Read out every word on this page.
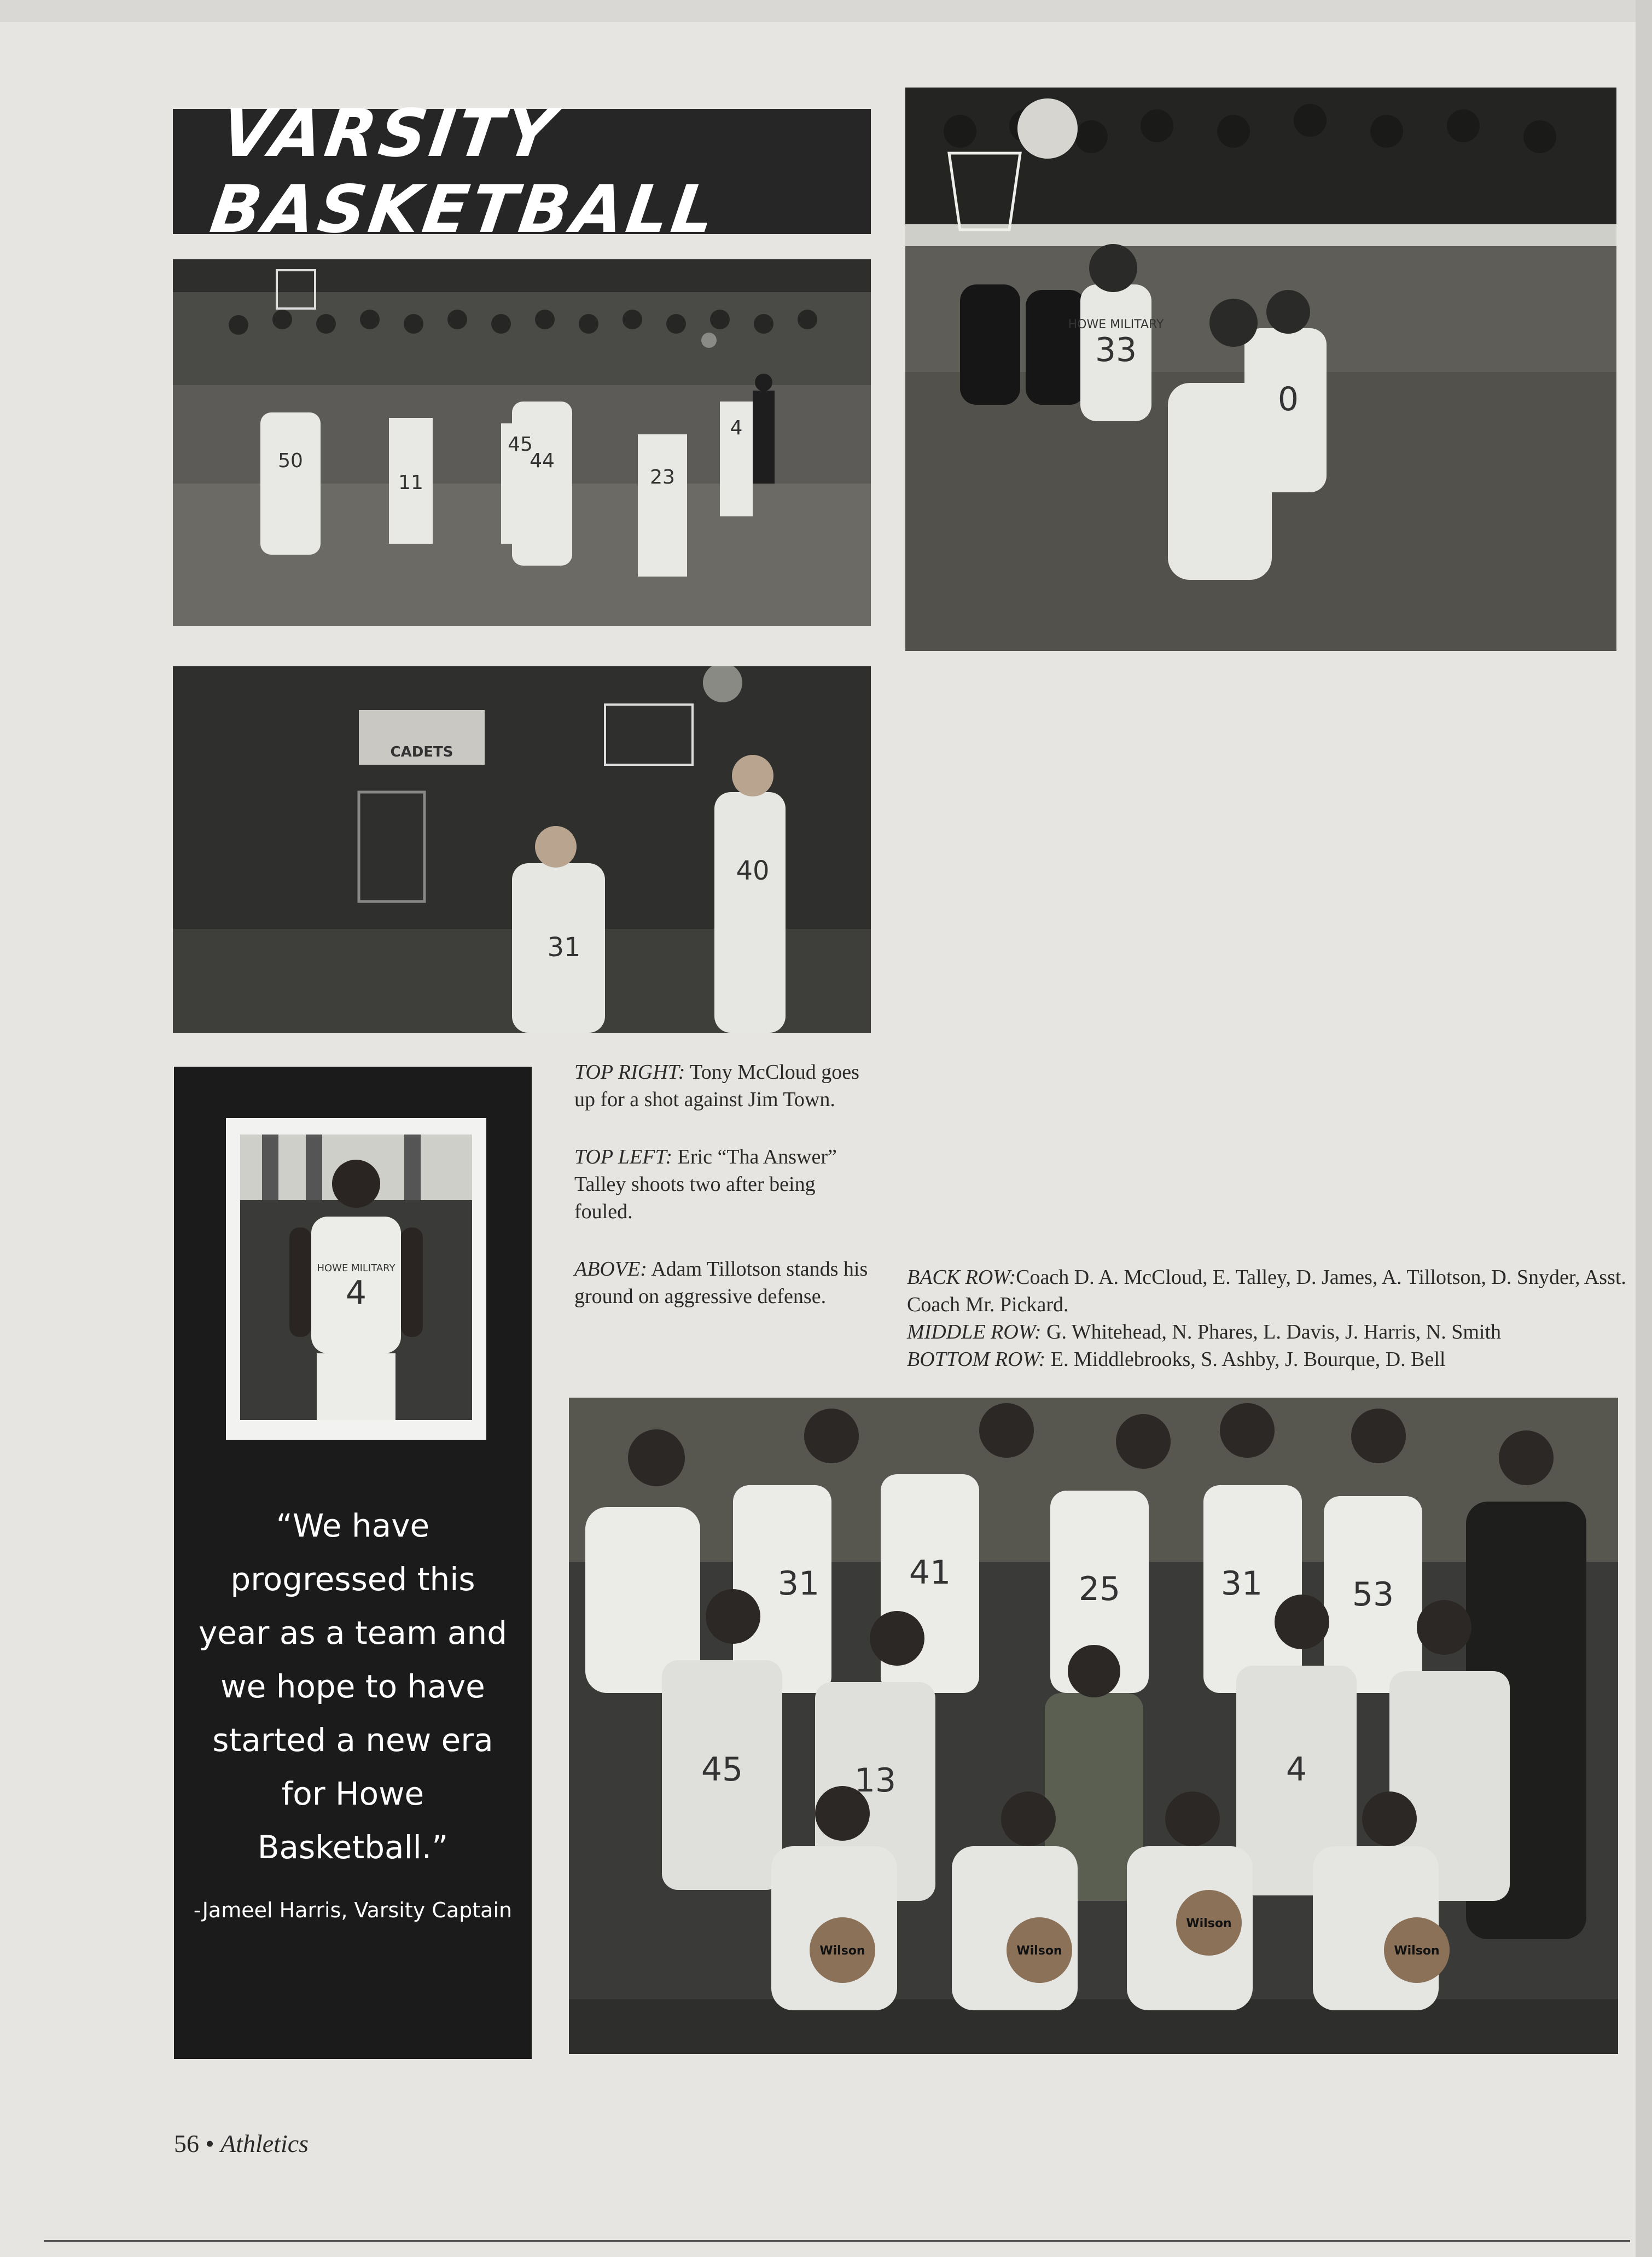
VARSITY BASKETBALL
50
11
45
44
4
23
CADETS
31
40
33
0
HOWE MILITARY

TOP RIGHT: Tony McCloud goes up for a shot against Jim Town.

TOP LEFT: Eric “Tha Answer” Talley shoots two after being fouled.

ABOVE: Adam Tillotson stands his ground on aggressive defense.

4
HOWE MILITARY
“We have progressed this year as a team and we hope to have started a new era for Howe Basketball.”
-Jameel Harris, Varsity Captain
BACK ROW:Coach D. A. McCloud, E. Talley, D. James, A. Tillotson, D. Snyder, Asst. Coach Mr. Pickard.
MIDDLE ROW: G. Whitehead, N. Phares, L. Davis, J. Harris, N. Smith
BOTTOM ROW: E. Middlebrooks, S. Ashby, J. Bourque, D. Bell
31	41	25	31	53
45	13	4
Wilson	Wilson
Wilson
Wilson
56 • Athletics
